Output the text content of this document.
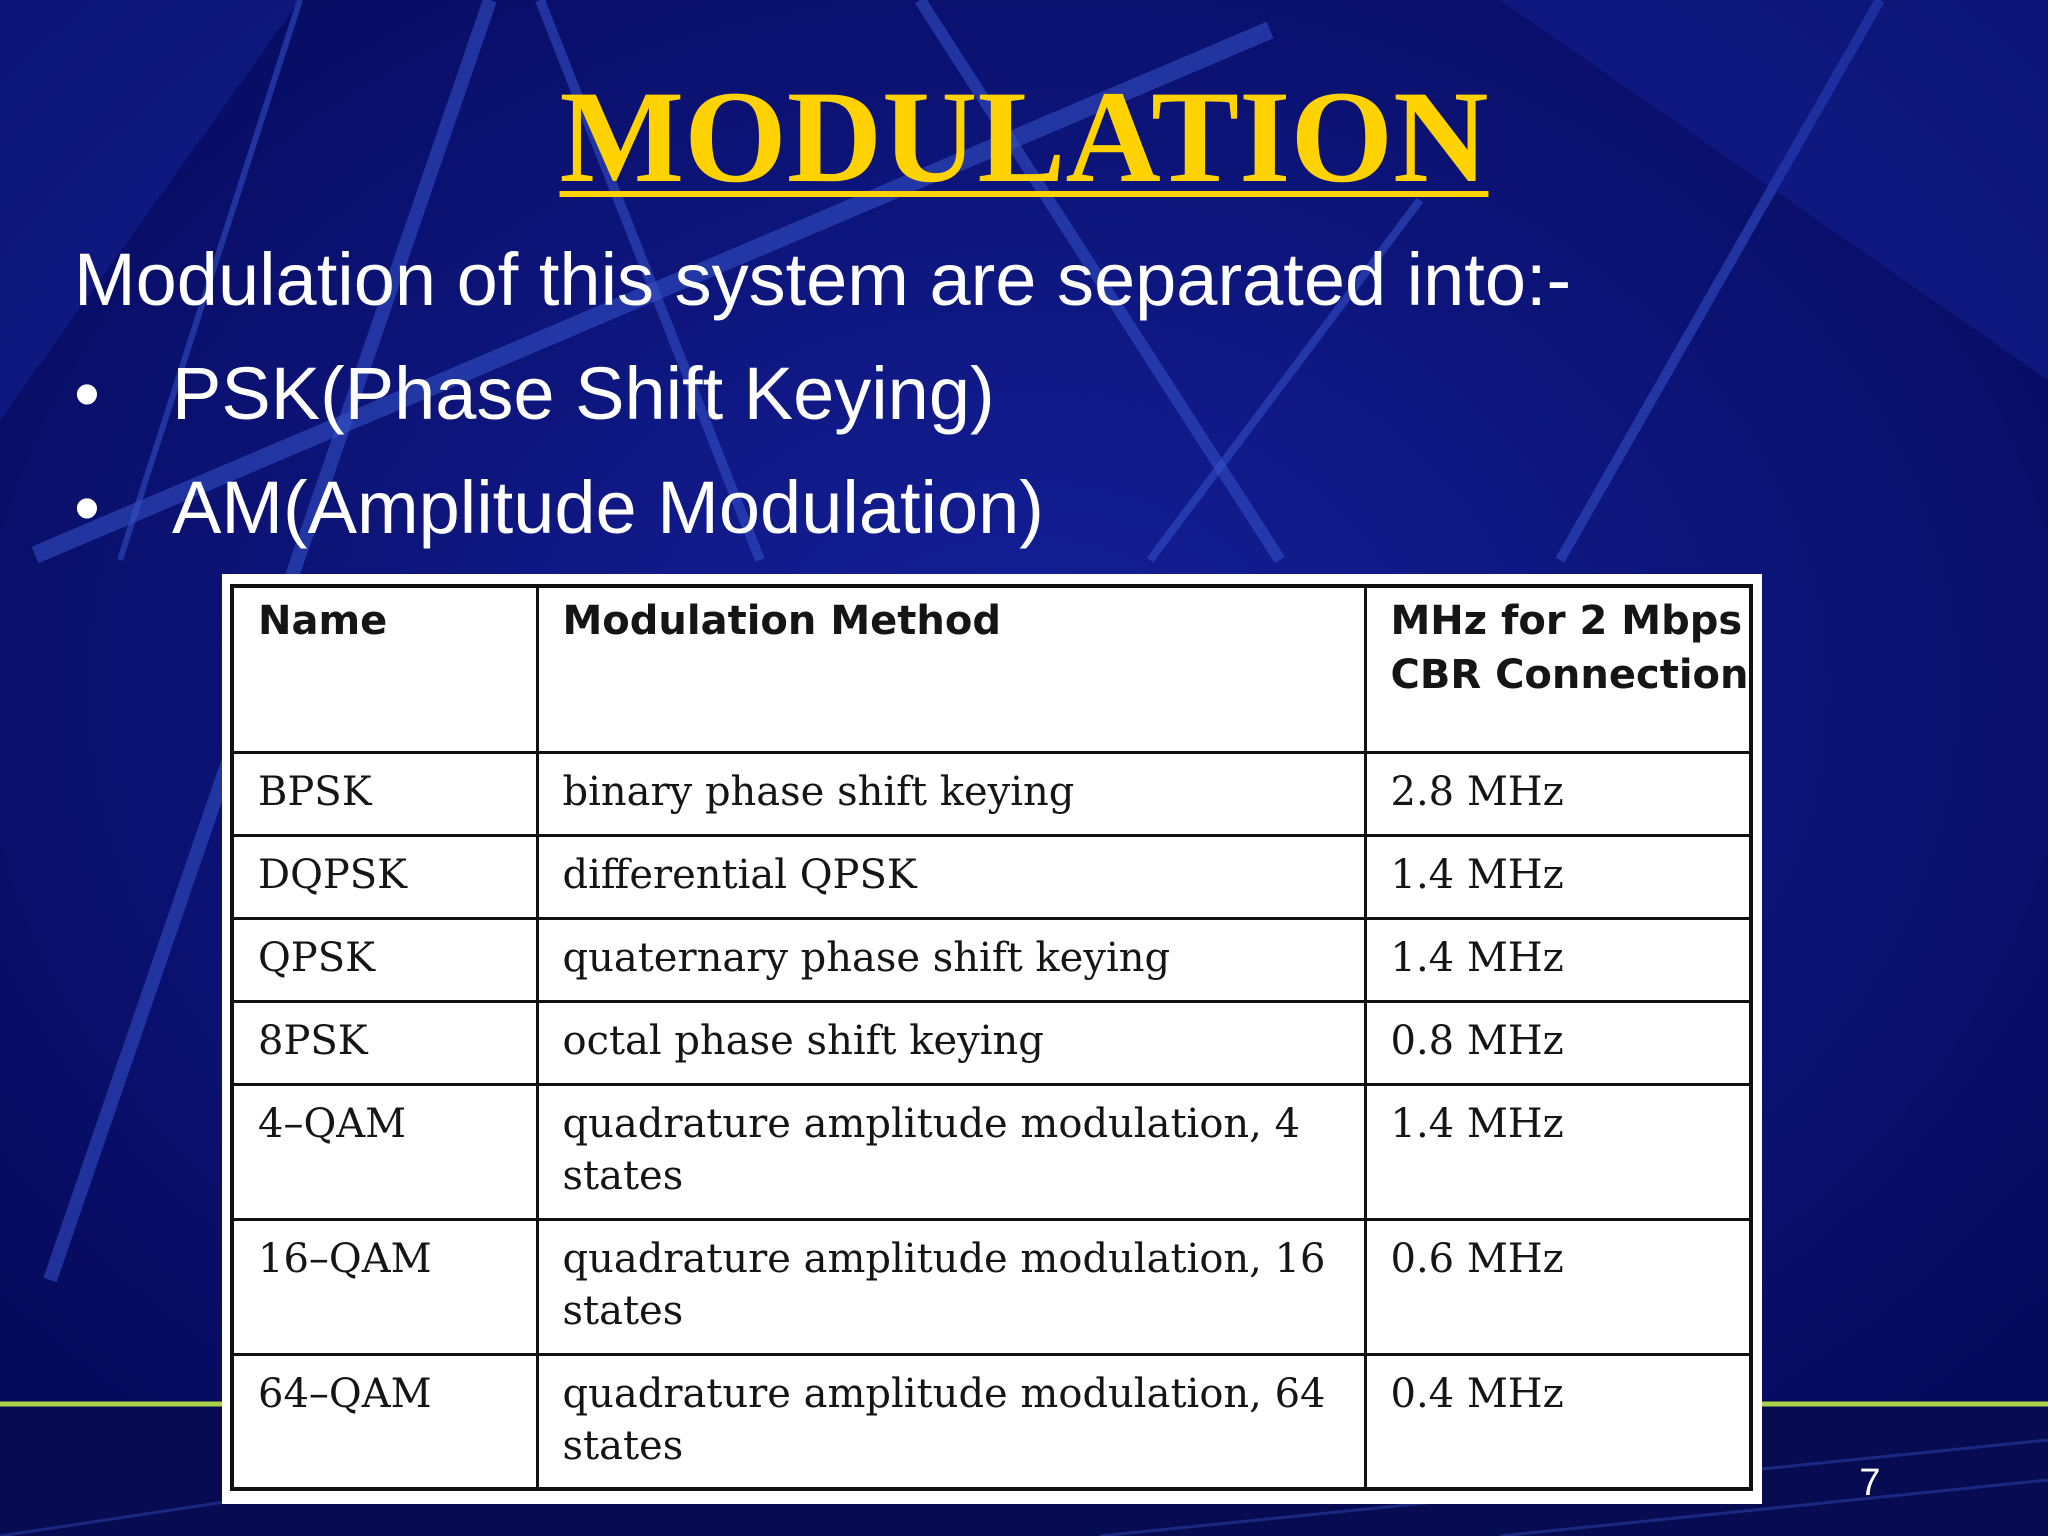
MODULATION
Modulation of this system are separated into:-
• PSK(Phase Shift Keying)
• AM(Amplitude Modulation)
Name	Modulation Method	MHz for 2 Mbps CBR Connection
BPSK	binary phase shift keying	2.8 MHz
DQPSK	differential QPSK	1.4 MHz
QPSK	quaternary phase shift keying	1.4 MHz
8PSK	octal phase shift keying	0.8 MHz
4–QAM	quadrature amplitude modulation, 4 states	1.4 MHz
16–QAM	quadrature amplitude modulation, 16 states	0.6 MHz
64–QAM	quadrature amplitude modulation, 64 states	0.4 MHz
7
